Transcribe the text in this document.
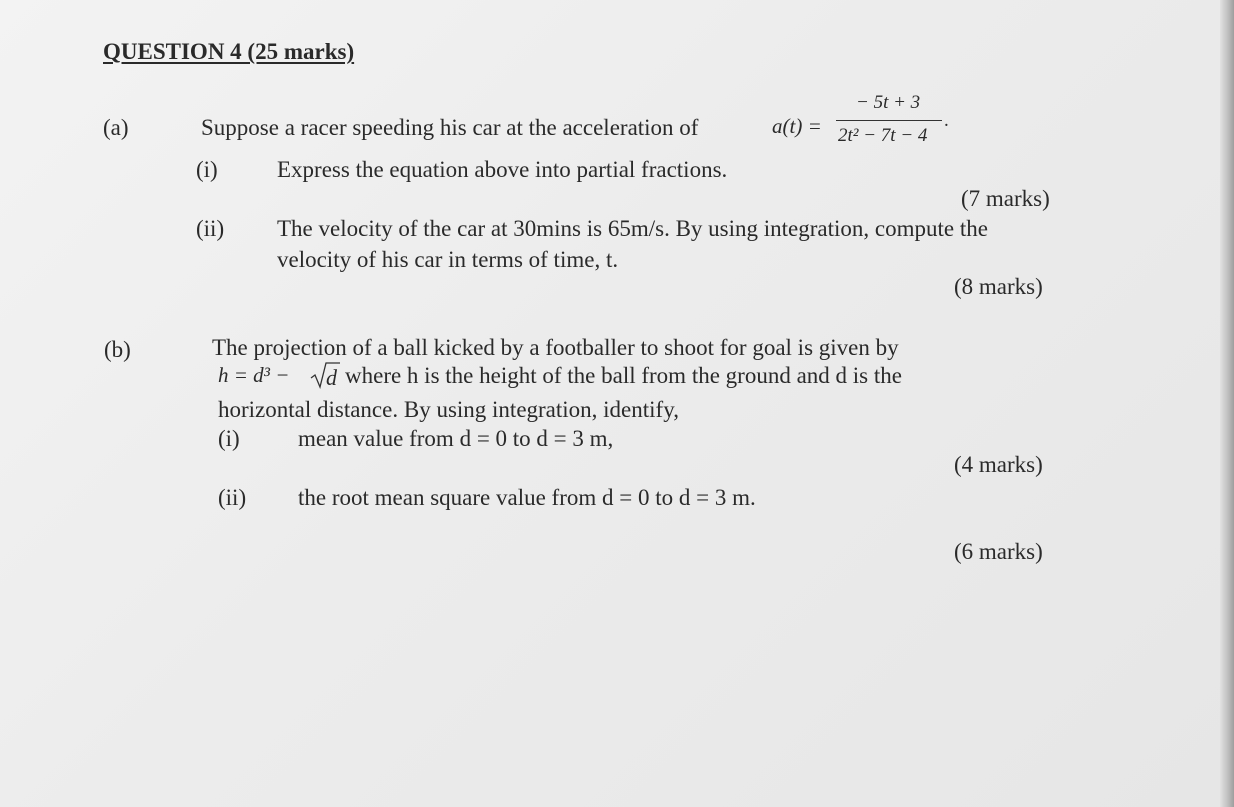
QUESTION 4 (25 marks)
(a)	Suppose a racer speeding his car at the acceleration of	a(t) =
− 5t + 3
2t² − 7t − 4
.
(i)	Express the equation above into partial fractions.
(7 marks)
(ii) The velocity of the car at 30mins is 65m/s. By using integration, compute the
velocity of his car in terms of time, t.
(8 marks)
(b)	The projection of a ball kicked by a footballer to shoot for goal is given by
h = d³ − d where h is the height of the ball from the ground and d is the
horizontal distance. By using integration, identify,
(i)	mean value from d = 0 to d = 3 m,
(4 marks)
(ii) the root mean square value from d = 0 to d = 3 m.
(6 marks)
